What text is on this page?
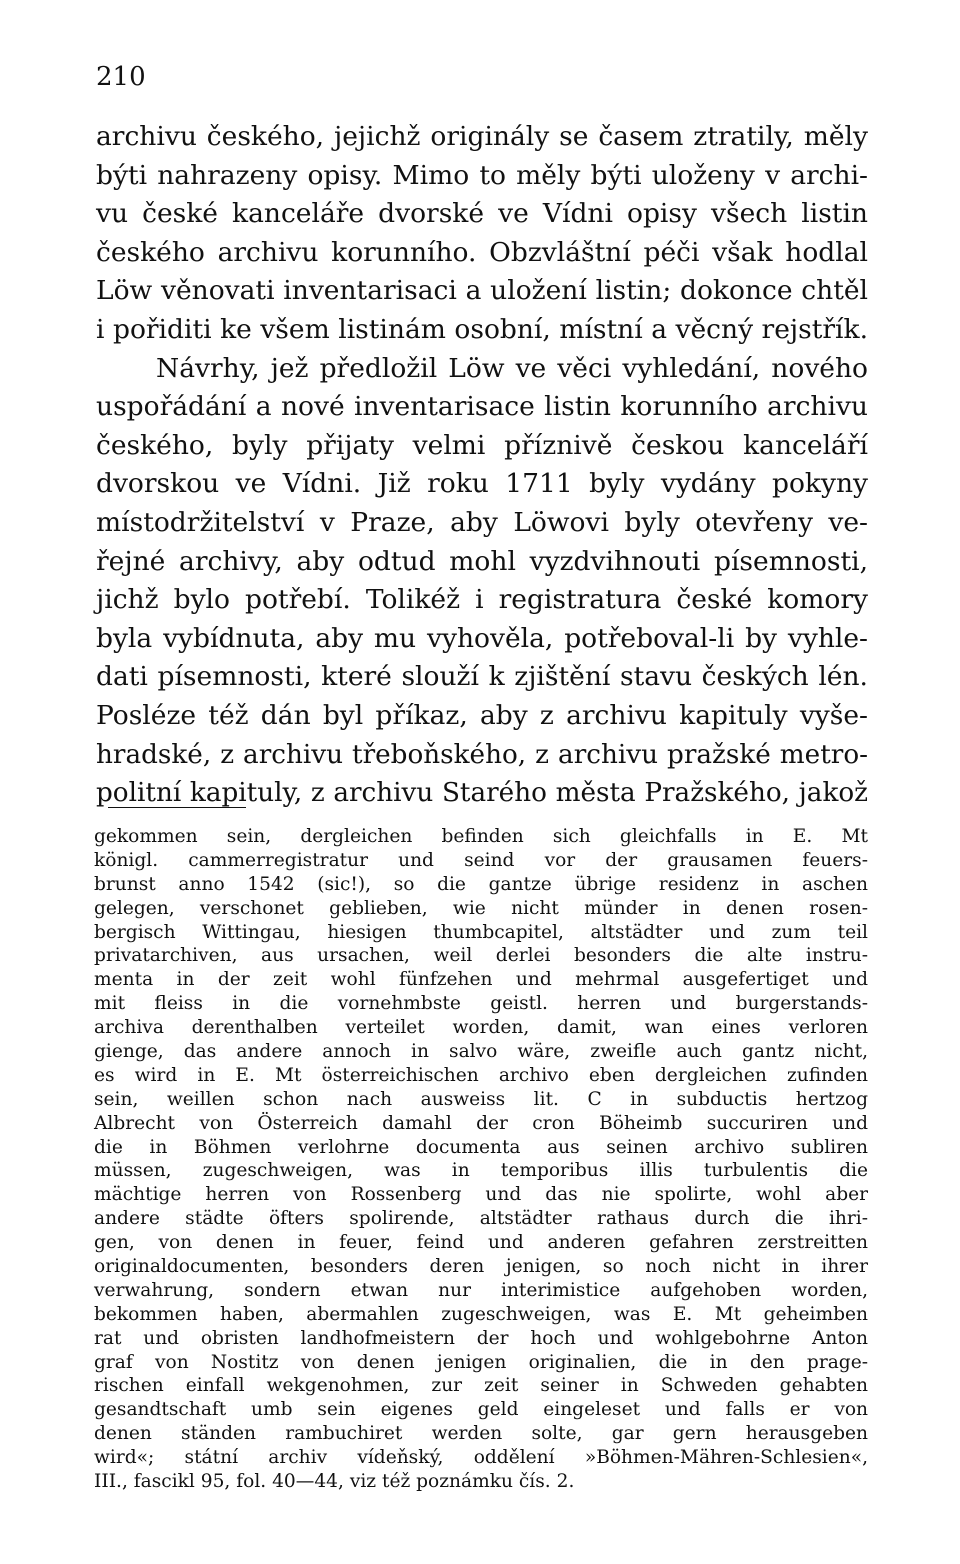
210
archivu českého, jejichž originály se časem ztratily, měly
býti nahrazeny opisy. Mimo to měly býti uloženy v archi-
vu české kanceláře dvorské ve Vídni opisy všech listin
českého archivu korunního. Obzvláštní péči však hodlal
Löw věnovati inventarisaci a uložení listin; dokonce chtěl
i pořiditi ke všem listinám osobní, místní a věcný rejstřík.
Návrhy, jež předložil Löw ve věci vyhledání, nového
uspořádání a nové inventarisace listin korunního archivu
českého, byly přijaty velmi příznivě českou kanceláří
dvorskou ve Vídni. Již roku 1711 byly vydány pokyny
místodržitelství v Praze, aby Löwovi byly otevřeny ve-
řejné archivy, aby odtud mohl vyzdvihnouti písemnosti,
jichž bylo potřebí. Tolikéž i registratura české komory
byla vybídnuta, aby mu vyhověla, potřeboval-li by vyhle-
dati písemnosti, které slouží k zjištění stavu českých lén.
Posléze též dán byl příkaz, aby z archivu kapituly vyše-
hradské, z archivu třeboňského, z archivu pražské metro-
politní kapituly, z archivu Starého města Pražského, jakož
gekommen sein, dergleichen befinden sich gleichfalls in E. Mt
königl. cammerregistratur und seind vor der grausamen feuers-
brunst anno 1542 (sic!), so die gantze übrige residenz in aschen
gelegen, verschonet geblieben, wie nicht münder in denen rosen-
bergisch Wittingau, hiesigen thumbcapitel, altstädter und zum teil
privatarchiven, aus ursachen, weil derlei besonders die alte instru-
menta in der zeit wohl fünfzehen und mehrmal ausgefertiget und
mit fleiss in die vornehmbste geistl. herren und burgerstands-
archiva derenthalben verteilet worden, damit, wan eines verloren
gienge, das andere annoch in salvo wäre, zweifle auch gantz nicht,
es wird in E. Mt österreichischen archivo eben dergleichen zufinden
sein, weillen schon nach ausweiss lit. C in subductis hertzog
Albrecht von Österreich damahl der cron Böheimb succuriren und
die in Böhmen verlohrne documenta aus seinen archivo subliren
müssen, zugeschweigen, was in temporibus illis turbulentis die
mächtige herren von Rossenberg und das nie spolirte, wohl aber
andere städte öfters spolirende, altstädter rathaus durch die ihri-
gen, von denen in feuer, feind und anderen gefahren zerstreitten
originaldocumenten, besonders deren jenigen, so noch nicht in ihrer
verwahrung, sondern etwan nur interimistice aufgehoben worden,
bekommen haben, abermahlen zugeschweigen, was E. Mt geheimben
rat und obristen landhofmeistern der hoch und wohlgebohrne Anton
graf von Nostitz von denen jenigen originalien, die in den prage-
rischen einfall wekgenohmen, zur zeit seiner in Schweden gehabten
gesandtschaft umb sein eigenes geld eingeleset und falls er von
denen ständen rambuchiret werden solte, gar gern herausgeben
wird«; státní archiv vídeňský, oddělení »Böhmen-Mähren-Schlesien«,
III., fascikl 95, fol. 40—44, viz též poznámku čís. 2.
